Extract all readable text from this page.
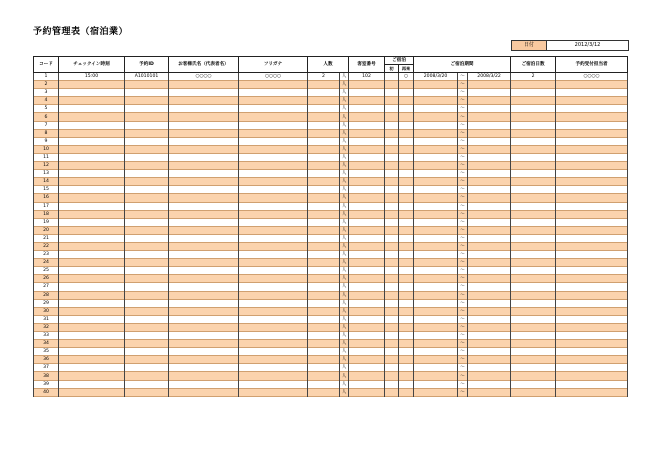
予約管理表（宿泊業）
日付	2012/3/12
コード	チェックイン時刻	予約ID	お客様氏名（代表者名）	フリガナ	人数		客室番号	ご宿泊		ご宿泊期間			ご宿泊日数	予約受付担当者
								初	再来					
1	15:00	A1010101	○○○○	○○○○	2	人	102		○	2008/3/20	～	2008/3/22	2	○○○○
2						人					～			
3						人					～			
4						人					～			
5						人					～			
6						人					～			
7						人					～			
8						人					～			
9						人					～			
10						人					～			
11						人					～			
12						人					～			
13						人					～			
14						人					～			
15						人					～			
16						人					～			
17						人					～			
18						人					～			
19						人					～			
20						人					～			
21						人					～			
22						人					～			
23						人					～			
24						人					～			
25						人					～			
26						人					～			
27						人					～			
28						人					～			
29						人					～			
30						人					～			
31						人					～			
32						人					～			
33						人					～			
34						人					～			
35						人					～			
36						人					～			
37						人					～			
38						人					～			
39						人					～			
40						人					～			
